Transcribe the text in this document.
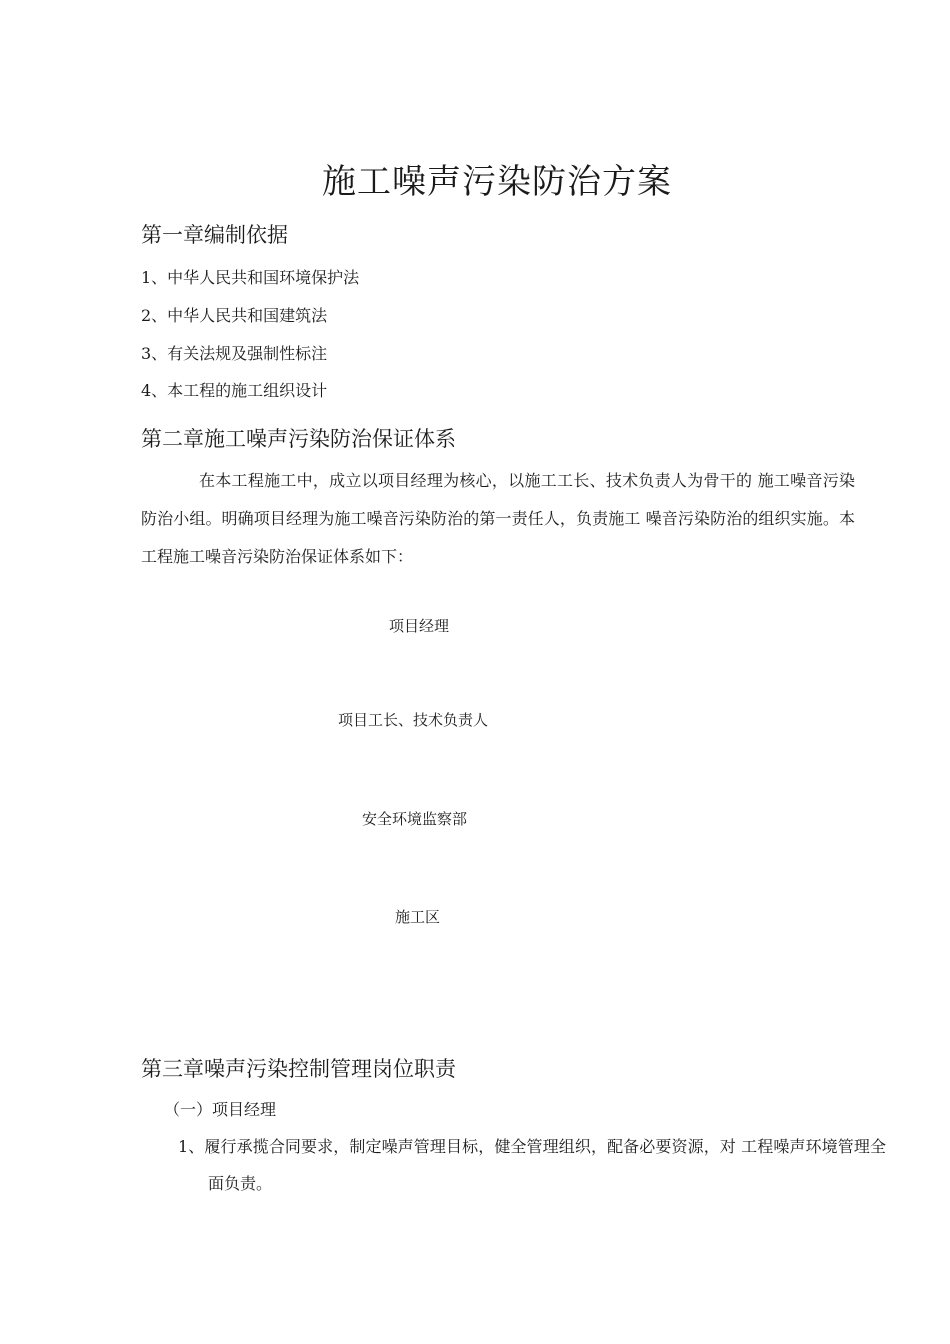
施工噪声污染防治方案
第一章编制依据
1、中华人民共和国环境保护法
2、中华人民共和国建筑法
3、有关法规及强制性标注
4、本工程的施工组织设计
第二章施工噪声污染防治保证体系
在本工程施工中，成立以项目经理为核心，以施工工长、技术负责人为骨干的 施工噪音污染防治小组。明确项目经理为施工噪音污染防治的第一责任人，负责施工 噪音污染防治的组织实施。本工程施工噪音污染防治保证体系如下：
项目经理
项目工长、技术负责人
安全环境监察部
施工区
第三章噪声污染控制管理岗位职责
（一）项目经理
1、履行承揽合同要求，制定噪声管理目标，健全管理组织，配备必要资源，对 工程噪声环境管理全面负责。
